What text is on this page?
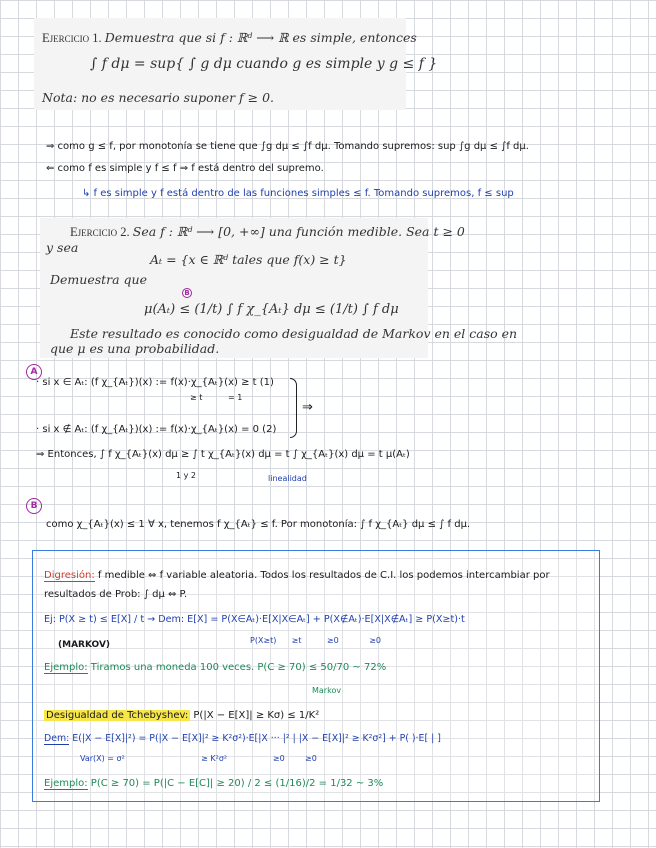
Ejercicio 1. Demuestra que si f : ℝᵈ ⟶ ℝ es simple, entonces
∫ f dμ = sup{ ∫ g dμ cuando g es simple y g ≤ f }
Nota: no es necesario suponer f ≥ 0.
⇒ como g ≤ f, por monotonía se tiene que ∫g dμ ≤ ∫f dμ. Tomando supremos: sup ∫g dμ ≤ ∫f dμ.
⇐ como f es simple y f ≤ f ⇒ f está dentro del supremo.
↳ f es simple y f está dentro de las funciones simples ≤ f. Tomando supremos, f ≤ sup
Ejercicio 2. Sea f : ℝᵈ ⟶ [0, +∞] una función medible. Sea t ≥ 0
y sea
Aₜ = {x ∈ ℝᵈ tales que f(x) ≥ t}
Demuestra que
B
μ(Aₜ) ≤ (1/t) ∫ f χ_{Aₜ} dμ ≤ (1/t) ∫ f dμ
Este resultado es conocido como desigualdad de Markov en el caso en
que μ es una probabilidad.
A
· si x ∈ Aₜ: (f χ_{Aₜ})(x) := f(x)·χ_{Aₜ}(x) ≥ t (1)
≥ t	= 1
· si x ∉ Aₜ: (f χ_{Aₜ})(x) := f(x)·χ_{Aₜ}(x) = 0 (2)
⇒
⇒ Entonces, ∫ f χ_{Aₜ}(x) dμ ≥ ∫ t χ_{Aₜ}(x) dμ = t ∫ χ_{Aₜ}(x) dμ = t μ(Aₜ)
1 y 2	linealidad
B
como χ_{Aₜ}(x) ≤ 1 ∀ x, tenemos f χ_{Aₜ} ≤ f. Por monotonía: ∫ f χ_{Aₜ} dμ ≤ ∫ f dμ.
Digresión: f medible ⇔ f variable aleatoria. Todos los resultados de C.I. los podemos intercambiar por
resultados de Prob: ∫ dμ ⇔ P.
Ej: P(X ≥ t) ≤ E[X] / t → Dem: E[X] = P(X∈Aₜ)·E[X|X∈Aₜ] + P(X∉Aₜ)·E[X|X∉Aₜ] ≥ P(X≥t)·t
(MARKOV)	P(X≥t)      ≥t          ≥0            ≥0
Ejemplo: Tiramos una moneda 100 veces. P(C ≥ 70) ≤ 50/70 ~ 72%
Markov
Desigualdad de Tchebyshev: P(|X − E[X]| ≥ Kσ) ≤ 1/K²
Dem: E(|X − E[X]|²) = P(|X − E[X]|² ≥ K²σ²)·E[|X ··· |² | |X − E[X]|² ≥ K²σ²] + P( )·E[ | ]
Var(X) = σ²                              ≥ K²σ²                  ≥0        ≥0
Ejemplo: P(C ≥ 70) = P(|C − E[C]| ≥ 20) / 2 ≤ (1/16)/2 = 1/32 ~ 3%
